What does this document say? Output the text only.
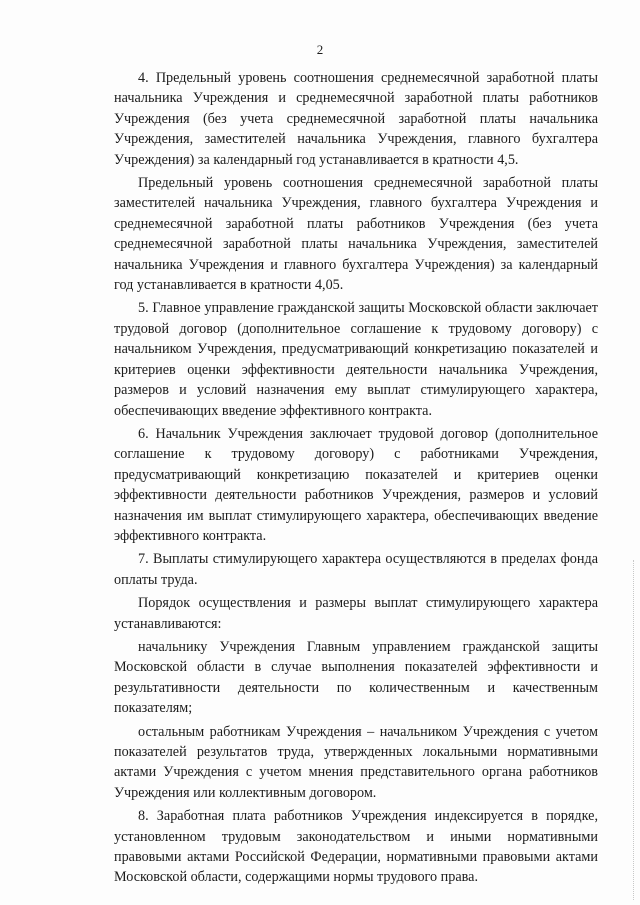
2

4. Предельный уровень соотношения среднемесячной заработной платы начальника Учреждения и среднемесячной заработной платы работников Учреждения (без учета среднемесячной заработной платы начальника Учреждения, заместителей начальника Учреждения, главного бухгалтера Учреждения) за календарный год устанавливается в кратности 4,5.

Предельный уровень соотношения среднемесячной заработной платы заместителей начальника Учреждения, главного бухгалтера Учреждения и среднемесячной заработной платы работников Учреждения (без учета среднемесячной заработной платы начальника Учреждения, заместителей начальника Учреждения и главного бухгалтера Учреждения) за календарный год устанавливается в кратности 4,05.

5. Главное управление гражданской защиты Московской области заключает трудовой договор (дополнительное соглашение к трудовому договору) с начальником Учреждения, предусматривающий конкретизацию показателей и критериев оценки эффективности деятельности начальника Учреждения, размеров и условий назначения ему выплат стимулирующего характера, обеспечивающих введение эффективного контракта.

6. Начальник Учреждения заключает трудовой договор (дополнительное соглашение к трудовому договору) с работниками Учреждения, предусматривающий конкретизацию показателей и критериев оценки эффективности деятельности работников Учреждения, размеров и условий назначения им выплат стимулирующего характера, обеспечивающих введение эффективного контракта.

7. Выплаты стимулирующего характера осуществляются в пределах фонда оплаты труда.

Порядок осуществления и размеры выплат стимулирующего характера устанавливаются:

начальнику Учреждения Главным управлением гражданской защиты Московской области в случае выполнения показателей эффективности и результативности деятельности по количественным и качественным показателям;

остальным работникам Учреждения – начальником Учреждения с учетом показателей результатов труда, утвержденных локальными нормативными актами Учреждения с учетом мнения представительного органа работников Учреждения или коллективным договором.

8. Заработная плата работников Учреждения индексируется в порядке, установленном трудовым законодательством и иными нормативными правовыми актами Российской Федерации, нормативными правовыми актами Московской области, содержащими нормы трудового права.
